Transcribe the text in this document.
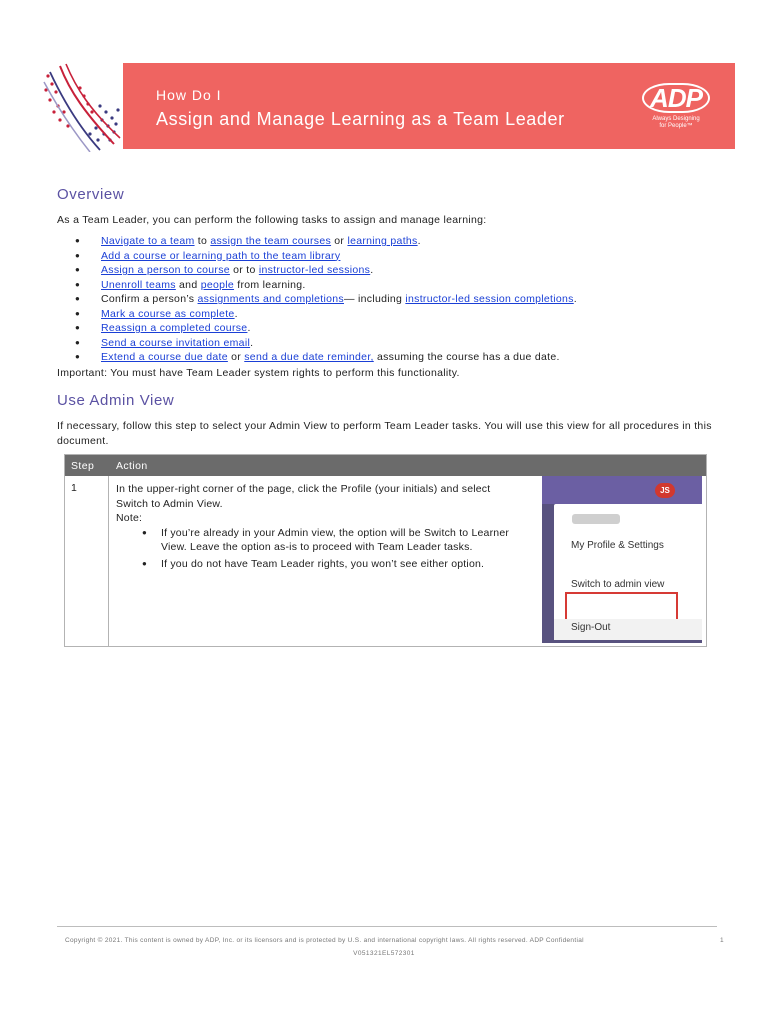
How Do I
Assign and Manage Learning as a Team Leader
ADP
Always Designing
for People™
Overview
As a Team Leader, you can perform the following tasks to assign and manage learning:
● Navigate to a team to assign the team courses or learning paths.
● Add a course or learning path to the team library
● Assign a person to course or to instructor-led sessions.
● Unenroll teams and people from learning.
● Confirm a person’s assignments and completions— including instructor-led session completions.
● Mark a course as complete.
● Reassign a completed course.
● Send a course invitation email.
● Extend a course due date or send a due date reminder, assuming the course has a due date.
Important: You must have Team Leader system rights to perform this functionality.
Use Admin View
If necessary, follow this step to select your Admin View to perform Team Leader tasks. You will use this view for all procedures in this document.
Step Action
1	In the upper-right corner of the page, click the Profile (your initials) and select
Switch to Admin View.
Note:
● If you’re already in your Admin view, the option will be Switch to Learner View. Leave the option as-is to proceed with Team Leader tasks.
● If you do not have Team Leader rights, you won’t see either option.
JS
My Profile & Settings
Switch to admin view
Sign-Out
Copyright © 2021. This content is owned by ADP, Inc. or its licensors and is protected by U.S. and international copyright laws. All rights reserved. ADP Confidential	1
V051321EL572301
